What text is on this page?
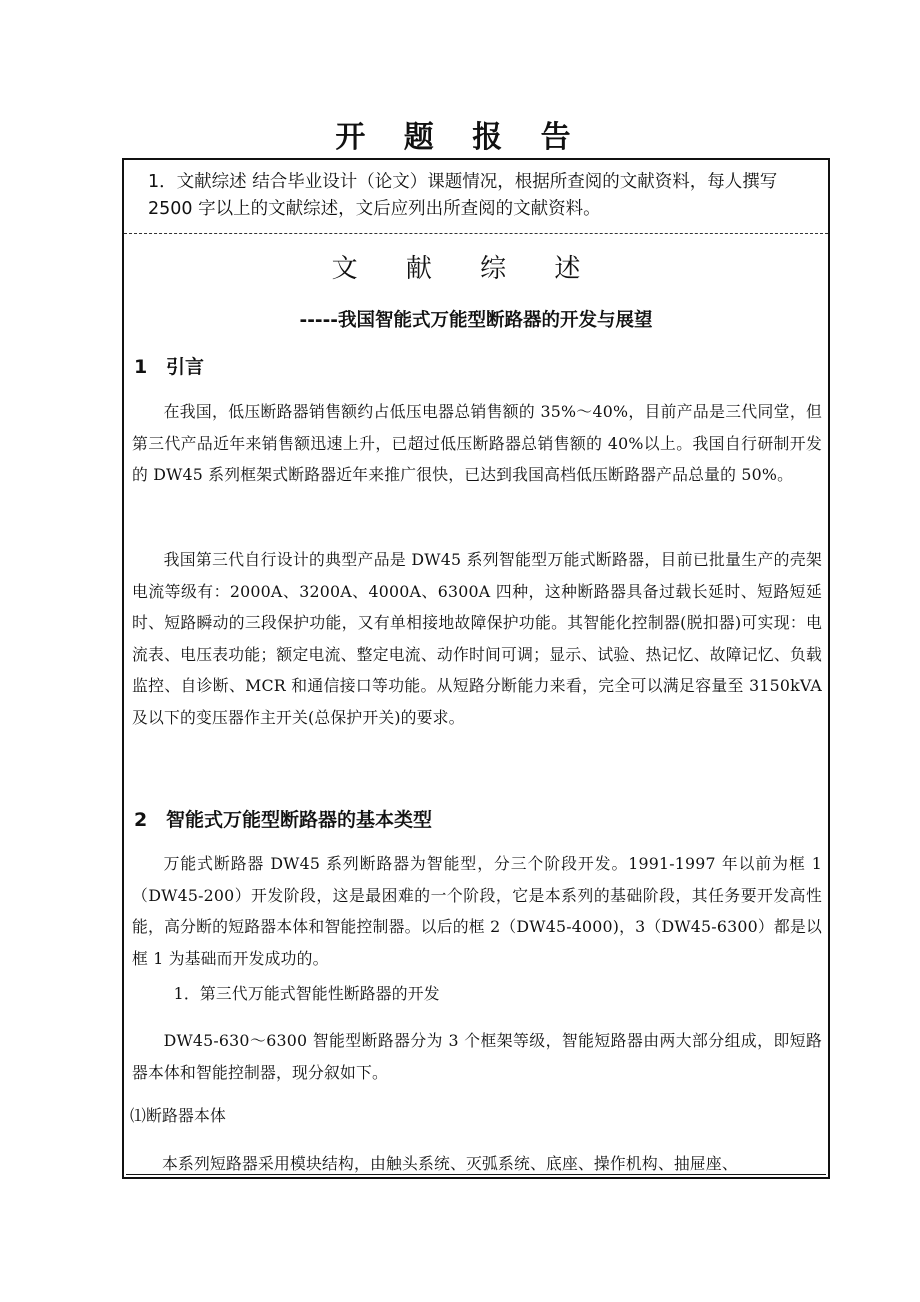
开 题 报 告
1．文献综述 结合毕业设计（论文）课题情况，根据所查阅的文献资料，每人撰写 2500 字以上的文献综述，文后应列出所查阅的文献资料。
文 献 综 述
-----我国智能式万能型断路器的开发与展望
1 引言
在我国，低压断路器销售额约占低压电器总销售额的 35%～40%，目前产品是三代同堂，但第三代产品近年来销售额迅速上升，已超过低压断路器总销售额的 40%以上。我国自行研制开发的 DW45 系列框架式断路器近年来推广很快，已达到我国高档低压断路器产品总量的 50%。
我国第三代自行设计的典型产品是 DW45 系列智能型万能式断路器，目前已批量生产的壳架电流等级有：2000A、3200A、4000A、6300A 四种，这种断路器具备过载长延时、短路短延时、短路瞬动的三段保护功能，又有单相接地故障保护功能。其智能化控制器(脱扣器)可实现：电流表、电压表功能；额定电流、整定电流、动作时间可调；显示、试验、热记忆、故障记忆、负载监控、自诊断、MCR 和通信接口等功能。从短路分断能力来看，完全可以满足容量至 3150kVA 及以下的变压器作主开关(总保护开关)的要求。
2 智能式万能型断路器的基本类型
万能式断路器 DW45 系列断路器为智能型，分三个阶段开发。1991-1997 年以前为框 1（DW45-200）开发阶段，这是最困难的一个阶段，它是本系列的基础阶段，其任务要开发高性能，高分断的短路器本体和智能控制器。以后的框 2（DW45-4000)，3（DW45-6300）都是以框 1 为基础而开发成功的。
1．第三代万能式智能性断路器的开发
DW45-630～6300 智能型断路器分为 3 个框架等级，智能短路器由两大部分组成，即短路器本体和智能控制器，现分叙如下。
⑴断路器本体
本系列短路器采用模块结构，由触头系统、灭弧系统、底座、操作机构、抽屉座、
